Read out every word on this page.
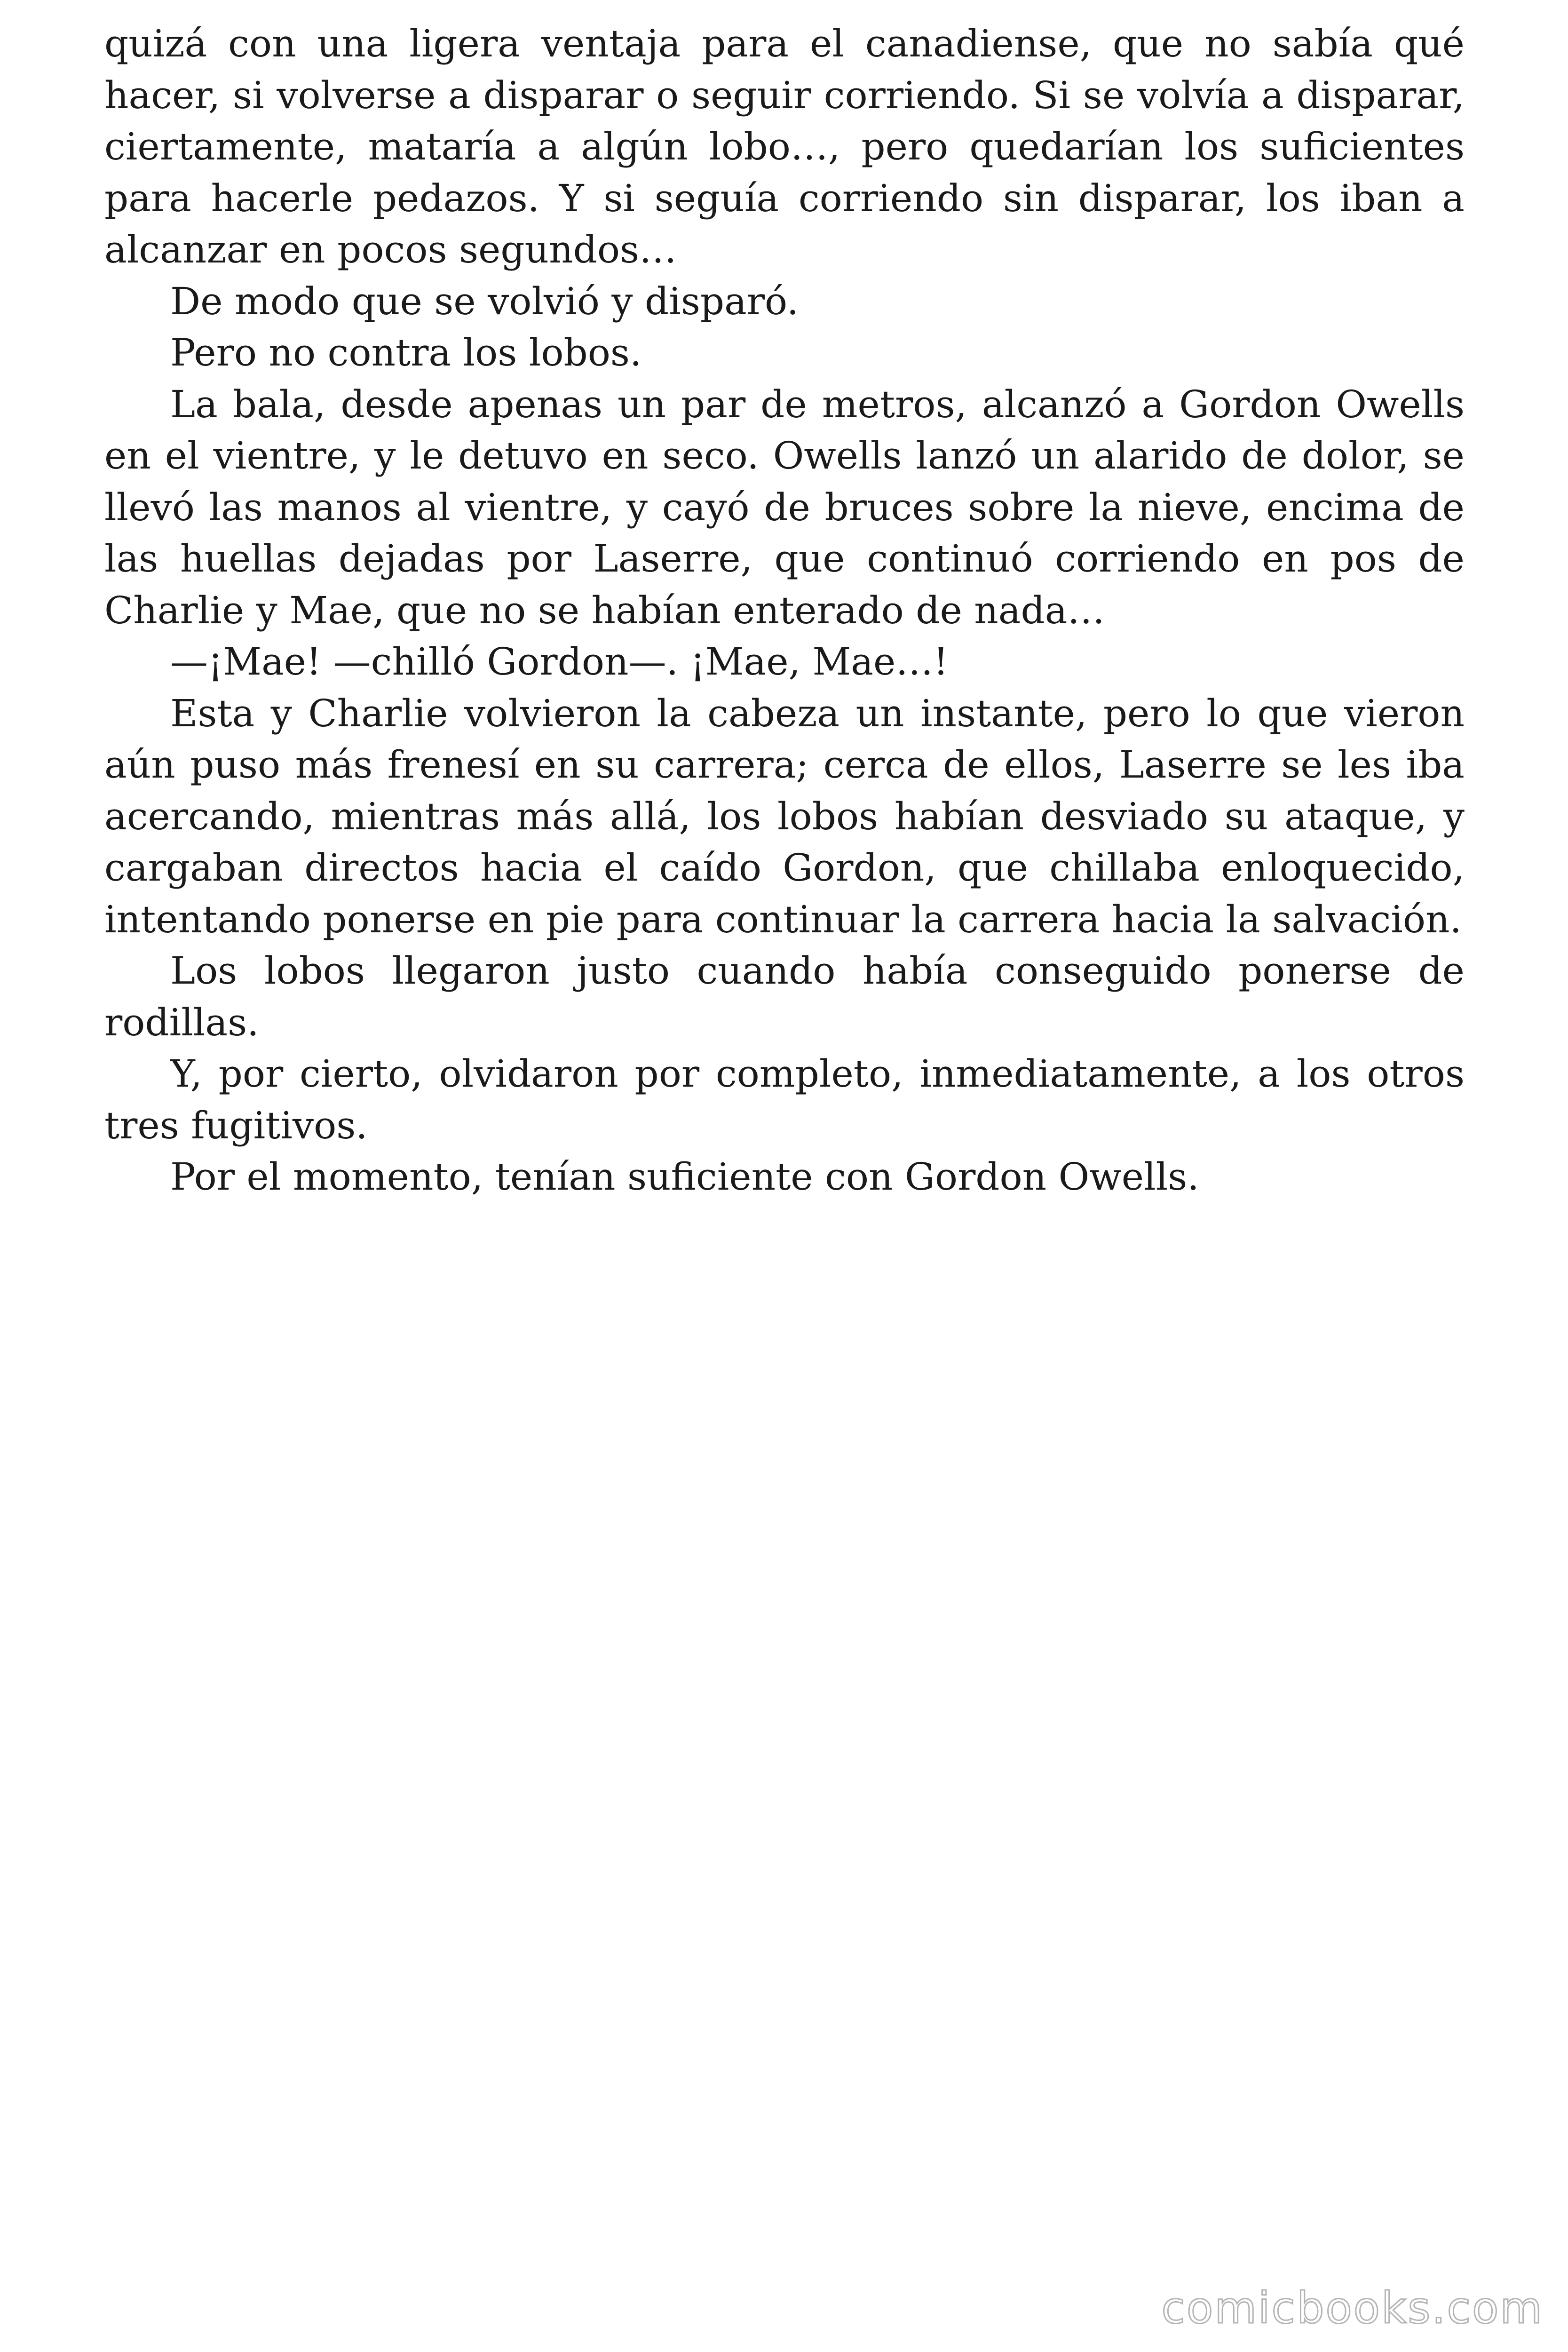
quizá con una ligera ventaja para el canadiense, que no sabía qué hacer, si volverse a disparar o seguir corriendo. Si se volvía a disparar, ciertamente, mataría a algún lobo…, pero quedarían los suficientes para hacerle pedazos. Y si seguía corriendo sin disparar, los iban a alcanzar en pocos segundos…

De modo que se volvió y disparó.

Pero no contra los lobos.

La bala, desde apenas un par de metros, alcanzó a Gordon Owells en el vientre, y le detuvo en seco. Owells lanzó un alarido de dolor, se llevó las manos al vientre, y cayó de bruces sobre la nieve, encima de las huellas dejadas por Laserre, que continuó corriendo en pos de Charlie y Mae, que no se habían enterado de nada…

—¡Mae! —chilló Gordon—. ¡Mae, Mae…!

Esta y Charlie volvieron la cabeza un instante, pero lo que vieron aún puso más frenesí en su carrera; cerca de ellos, Laserre se les iba acercando, mientras más allá, los lobos habían desviado su ataque, y cargaban directos hacia el caído Gordon, que chillaba enloquecido, intentando ponerse en pie para continuar la carrera hacia la salvación.

Los lobos llegaron justo cuando había conseguido ponerse de rodillas.

Y, por cierto, olvidaron por completo, inmediatamente, a los otros tres fugitivos.

Por el momento, tenían suficiente con Gordon Owells.

comicbooks.com
